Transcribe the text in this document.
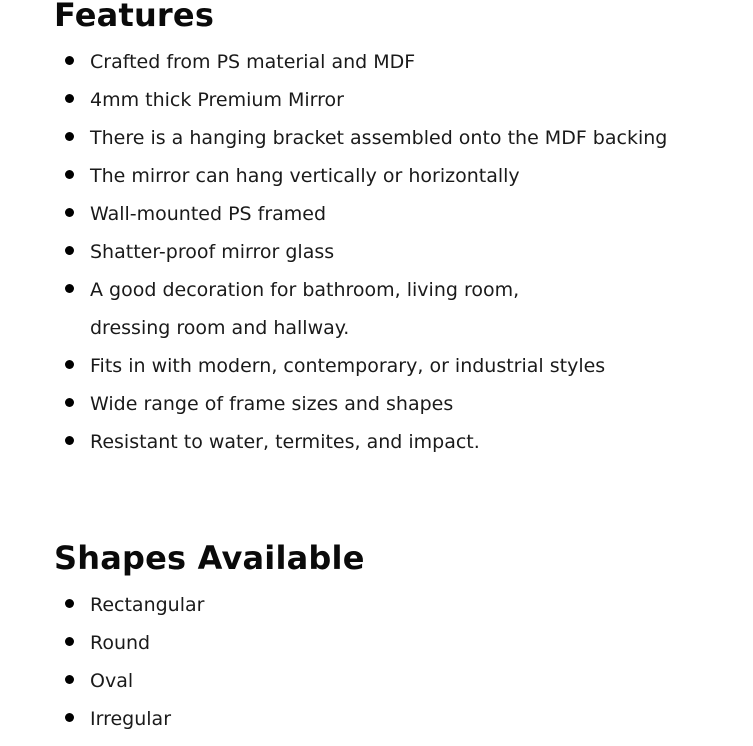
Features
Crafted from PS material and MDF
4mm thick Premium Mirror
There is a hanging bracket assembled onto the MDF backing
The mirror can hang vertically or horizontally
Wall-mounted PS framed
Shatter-proof mirror glass
A good decoration for bathroom, living room,
dressing room and hallway.
Fits in with modern, contemporary, or industrial styles
Wide range of frame sizes and shapes
Resistant to water, termites, and impact.
Shapes Available
Rectangular
Round
Oval
Irregular
